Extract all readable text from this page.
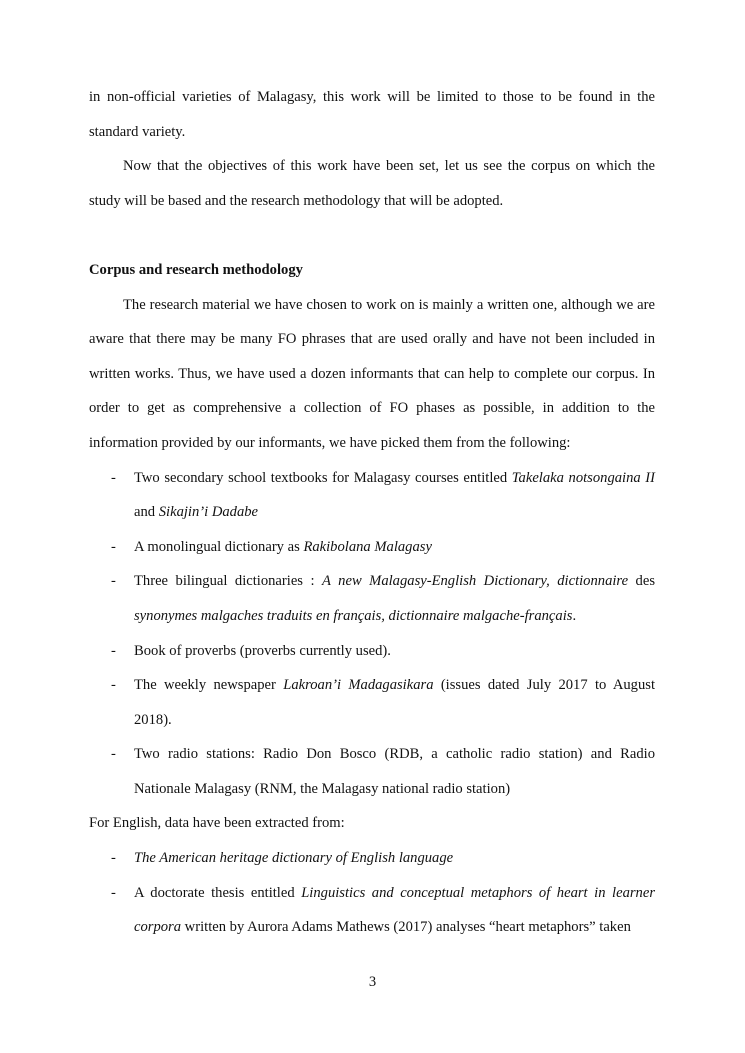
in non-official varieties of Malagasy, this work will be limited to those to be found in the standard variety.

Now that the objectives of this work have been set, let us see the corpus on which the study will be based and the research methodology that will be adopted.

Corpus and research methodology

The research material we have chosen to work on is mainly a written one, although we are aware that there may be many FO phrases that are used orally and have not been included in written works. Thus, we have used a dozen informants that can help to complete our corpus. In order to get as comprehensive a collection of FO phases as possible, in addition to the information provided by our informants, we have picked them from the following:

- Two secondary school textbooks for Malagasy courses entitled Takelaka notsongaina II and Sikajin’i Dadabe
- A monolingual dictionary as Rakibolana Malagasy
- Three bilingual dictionaries : A new Malagasy-English Dictionary, dictionnaire des synonymes malgaches traduits en français, dictionnaire malgache-français.
- Book of proverbs (proverbs currently used).
- The weekly newspaper Lakroan’i Madagasikara (issues dated July 2017 to August 2018).
- Two radio stations: Radio Don Bosco (RDB, a catholic radio station) and Radio Nationale Malagasy (RNM, the Malagasy national radio station)

For English, data have been extracted from:

- The American heritage dictionary of English language
- A doctorate thesis entitled Linguistics and conceptual metaphors of heart in learner corpora written by Aurora Adams Mathews (2017) analyses “heart metaphors” taken
3
